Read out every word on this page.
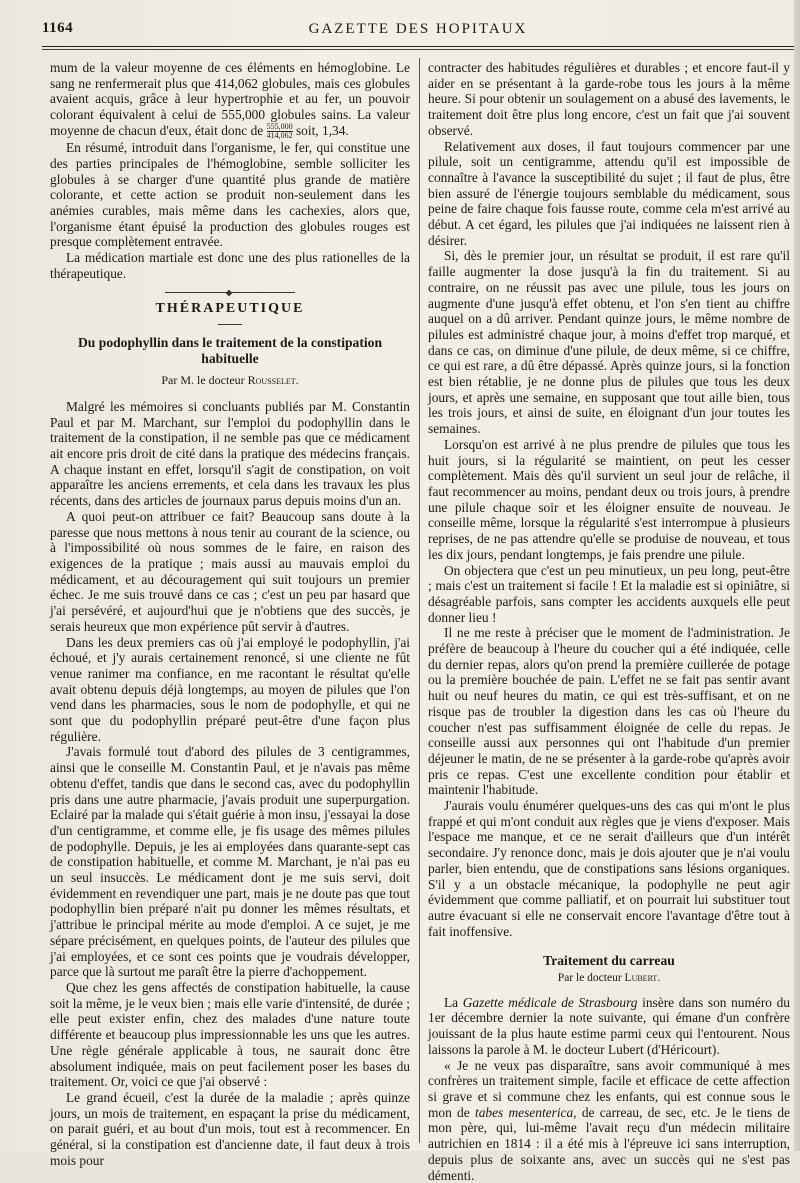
1164	GAZETTE DES HOPITAUX

mum de la valeur moyenne de ces éléments en hémoglobine. Le sang ne renfermerait plus que 414,062 globules, mais ces globules avaient acquis, grâce à leur hypertrophie et au fer, un pouvoir colorant équivalent à celui de 555,000 globules sains. La valeur moyenne de chacun d'eux, était donc de $\frac{555,000}{414,062}$ soit, 1,34.

En résumé, introduit dans l'organisme, le fer, qui constitue une des parties principales de l'hémoglobine, semble solliciter les globules à se charger d'une quantité plus grande de matière colorante, et cette action se produit non-seulement dans les anémies curables, mais même dans les cachexies, alors que, l'organisme étant épuisé la production des globules rouges est presque complètement entravée.

La médication martiale est donc une des plus rationelles de la thérapeutique.

THÉRAPEUTIQUE
Du podophyllin dans le traitement de la constipation habituelle
Par M. le docteur Rousselet.

Malgré les mémoires si concluants publiés par M. Constantin Paul et par M. Marchant, sur l'emploi du podophyllin dans le traitement de la constipation, il ne semble pas que ce médicament ait encore pris droit de cité dans la pratique des médecins français. A chaque instant en effet, lorsqu'il s'agit de constipation, on voit apparaître les anciens errements, et cela dans les travaux les plus récents, dans des articles de journaux parus depuis moins d'un an.

A quoi peut-on attribuer ce fait? Beaucoup sans doute à la paresse que nous mettons à nous tenir au courant de la science, ou à l'impossibilité où nous sommes de le faire, en raison des exigences de la pratique ; mais aussi au mauvais emploi du médicament, et au découragement qui suit toujours un premier échec. Je me suis trouvé dans ce cas ; c'est un peu par hasard que j'ai persévéré, et aujourd'hui que je n'obtiens que des succès, je serais heureux que mon expérience pût servir à d'autres.

Dans les deux premiers cas où j'ai employé le podophyllin, j'ai échoué, et j'y aurais certainement renoncé, si une cliente ne fût venue ranimer ma confiance, en me racontant le résultat qu'elle avait obtenu depuis déjà longtemps, au moyen de pilules que l'on vend dans les pharmacies, sous le nom de podophylle, et qui ne sont que du podophyllin préparé peut-être d'une façon plus régulière.

J'avais formulé tout d'abord des pilules de 3 centigrammes, ainsi que le conseille M. Constantin Paul, et je n'avais pas même obtenu d'effet, tandis que dans le second cas, avec du podophyllin pris dans une autre pharmacie, j'avais produit une superpurgation. Eclairé par la malade qui s'était guérie à mon insu, j'essayai la dose d'un centigramme, et comme elle, je fis usage des mêmes pilules de podophylle. Depuis, je les ai employées dans quarante-sept cas de constipation habituelle, et comme M. Marchant, je n'ai pas eu un seul insuccès. Le médicament dont je me suis servi, doit évidemment en revendiquer une part, mais je ne doute pas que tout podophyllin bien préparé n'ait pu donner les mêmes résultats, et j'attribue le principal mérite au mode d'emploi. A ce sujet, je me sépare précisément, en quelques points, de l'auteur des pilules que j'ai employées, et ce sont ces points que je voudrais développer, parce que là surtout me paraît être la pierre d'achoppement.

Que chez les gens affectés de constipation habituelle, la cause soit la même, je le veux bien ; mais elle varie d'intensité, de durée ; elle peut exister enfin, chez des malades d'une nature toute différente et beaucoup plus impressionnable les uns que les autres. Une règle générale applicable à tous, ne saurait donc être absolument indiquée, mais on peut facilement poser les bases du traitement. Or, voici ce que j'ai observé :

Le grand écueil, c'est la durée de la maladie ; après quinze jours, un mois de traitement, en espaçant la prise du médicament, on parait guéri, et au bout d'un mois, tout est à recommencer. En général, si la constipation est d'ancienne date, il faut deux à trois mois pour

contracter des habitudes régulières et durables ; et encore faut-il y aider en se présentant à la garde-robe tous les jours à la même heure. Si pour obtenir un soulagement on a abusé des lavements, le traitement doit être plus long encore, c'est un fait que j'ai souvent observé.

Relativement aux doses, il faut toujours commencer par une pilule, soit un centigramme, attendu qu'il est impossible de connaître à l'avance la susceptibilité du sujet ; il faut de plus, être bien assuré de l'énergie toujours semblable du médicament, sous peine de faire chaque fois fausse route, comme cela m'est arrivé au début. A cet égard, les pilules que j'ai indiquées ne laissent rien à désirer.

Si, dès le premier jour, un résultat se produit, il est rare qu'il faille augmenter la dose jusqu'à la fin du traitement. Si au contraire, on ne réussit pas avec une pilule, tous les jours on augmente d'une jusqu'à effet obtenu, et l'on s'en tient au chiffre auquel on a dû arriver. Pendant quinze jours, le même nombre de pilules est administré chaque jour, à moins d'effet trop marqué, et dans ce cas, on diminue d'une pilule, de deux même, si ce chiffre, ce qui est rare, a dû être dépassé. Après quinze jours, si la fonction est bien rétablie, je ne donne plus de pilules que tous les deux jours, et après une semaine, en supposant que tout aille bien, tous les trois jours, et ainsi de suite, en éloignant d'un jour toutes les semaines.

Lorsqu'on est arrivé à ne plus prendre de pilules que tous les huit jours, si la régularité se maintient, on peut les cesser complètement. Mais dès qu'il survient un seul jour de relâche, il faut recommencer au moins, pendant deux ou trois jours, à prendre une pilule chaque soir et les éloigner ensuite de nouveau. Je conseille même, lorsque la régularité s'est interrompue à plusieurs reprises, de ne pas attendre qu'elle se produise de nouveau, et tous les dix jours, pendant longtemps, je fais prendre une pilule.

On objectera que c'est un peu minutieux, un peu long, peut-être ; mais c'est un traitement si facile ! Et la maladie est si opiniâtre, si désagréable parfois, sans compter les accidents auxquels elle peut donner lieu !

Il ne me reste à préciser que le moment de l'administration. Je préfère de beaucoup à l'heure du coucher qui a été indiquée, celle du dernier repas, alors qu'on prend la première cuillerée de potage ou la première bouchée de pain. L'effet ne se fait pas sentir avant huit ou neuf heures du matin, ce qui est très-suffisant, et on ne risque pas de troubler la digestion dans les cas où l'heure du coucher n'est pas suffisamment éloignée de celle du repas. Je conseille aussi aux personnes qui ont l'habitude d'un premier déjeuner le matin, de ne se présenter à la garde-robe qu'après avoir pris ce repas. C'est une excellente condition pour établir et maintenir l'habitude.

J'aurais voulu énumérer quelques-uns des cas qui m'ont le plus frappé et qui m'ont conduit aux règles que je viens d'exposer. Mais l'espace me manque, et ce ne serait d'ailleurs que d'un intérêt secondaire. J'y renonce donc, mais je dois ajouter que je n'ai voulu parler, bien entendu, que de constipations sans lésions organiques. S'il y a un obstacle mécanique, la podophylle ne peut agir évidemment que comme palliatif, et on pourrait lui substituer tout autre évacuant si elle ne conservait encore l'avantage d'être tout à fait inoffensive.

Traitement du carreau
Par le docteur Lubert.

La Gazette médicale de Strasbourg insère dans son numéro du 1er décembre dernier la note suivante, qui émane d'un confrère jouissant de la plus haute estime parmi ceux qui l'entourent. Nous laissons la parole à M. le docteur Lubert (d'Héricourt).

« Je ne veux pas disparaître, sans avoir communiqué à mes confrères un traitement simple, facile et efficace de cette affection si grave et si commune chez les enfants, qui est connue sous le mon de tabes mesenterica, de carreau, de sec, etc. Je le tiens de mon père, qui, lui-même l'avait reçu d'un médecin militaire autrichien en 1814 : il a été mis à l'épreuve ici sans interruption, depuis plus de soixante ans, avec un succès qui ne s'est pas démenti.
